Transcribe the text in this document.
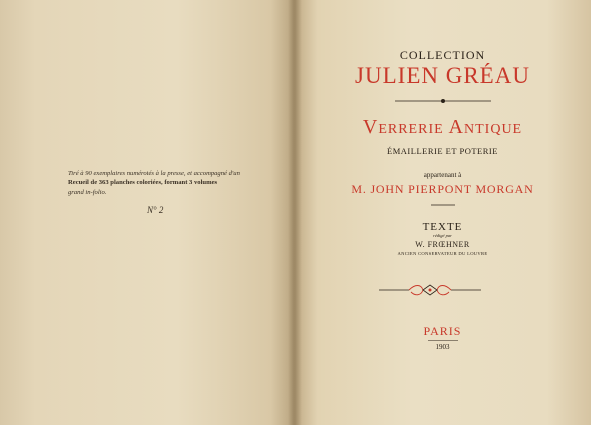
Tiré à 90 exemplaires numérotés à la presse, et accompagné d'un
Recueil de 363 planches coloriées, formant 3 volumes
grand in-folio.
N° 2
COLLECTION
JULIEN GRÉAU
Verrerie Antique
ÉMAILLERIE ET POTERIE
appartenant à
M. JOHN PIERPONT MORGAN
TEXTE
rédigé par
W. FRŒHNER
ANCIEN CONSERVATEUR DU LOUVRE
PARIS
1903
